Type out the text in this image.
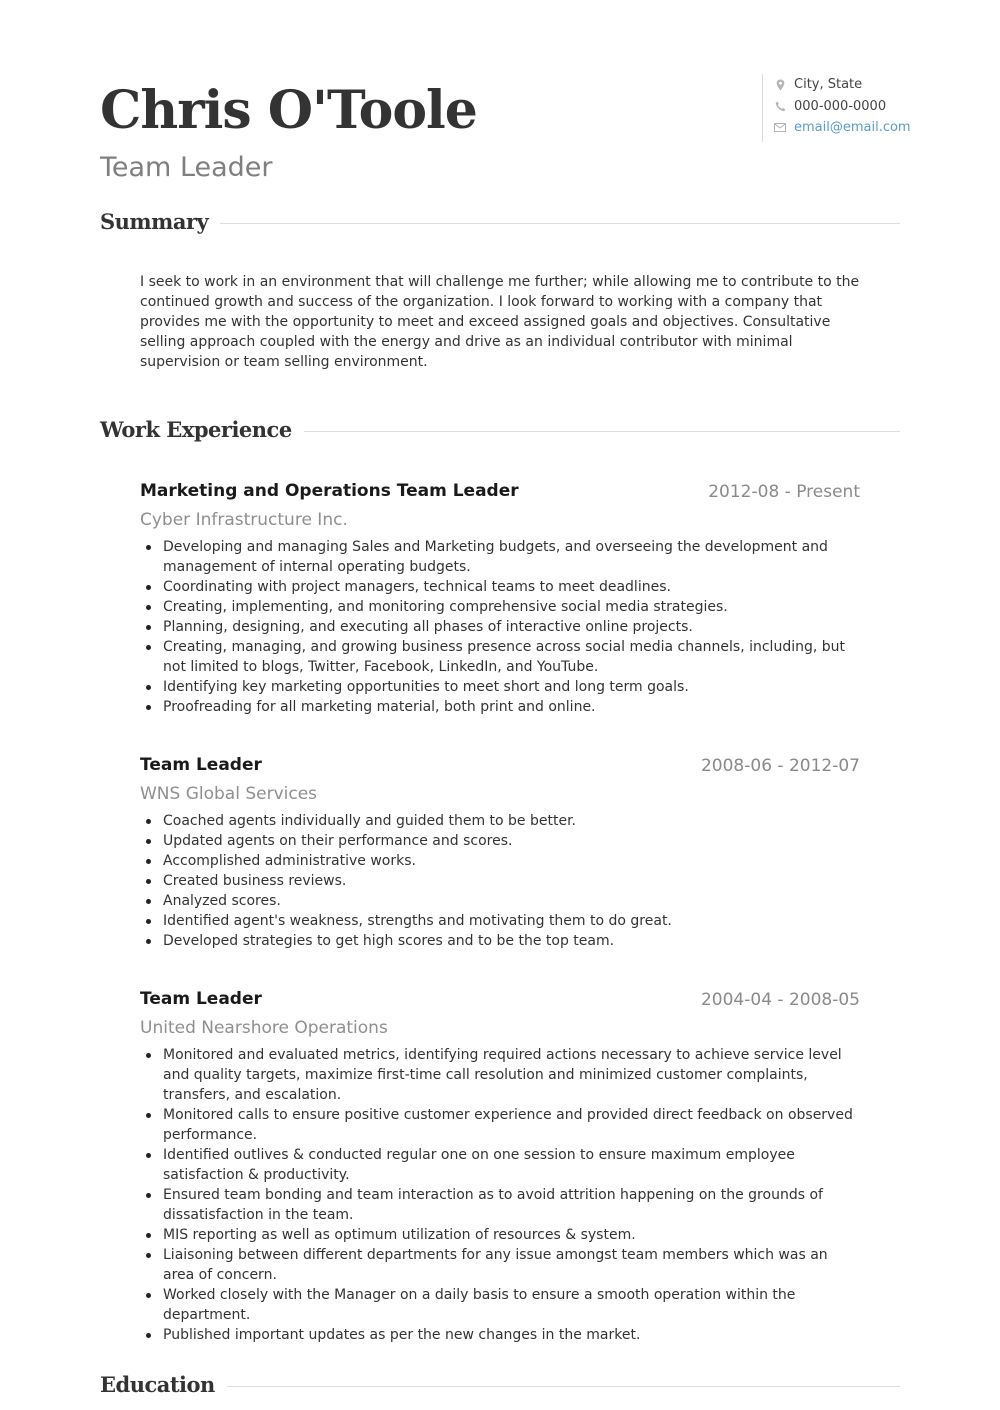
Chris O'Toole
Team Leader
City, State
000-000-0000
email@email.com
Summary

I seek to work in an environment that will challenge me further; while allowing me to contribute to the continued growth and success of the organization. I look forward to working with a company that provides me with the opportunity to meet and exceed assigned goals and objectives. Consultative selling approach coupled with the energy and drive as an individual contributor with minimal supervision or team selling environment.

Work Experience
Marketing and Operations Team Leader	2012-08 - Present
Cyber Infrastructure Inc.
Developing and managing Sales and Marketing budgets, and overseeing the development and management of internal operating budgets.
Coordinating with project managers, technical teams to meet deadlines.
Creating, implementing, and monitoring comprehensive social media strategies.
Planning, designing, and executing all phases of interactive online projects.
Creating, managing, and growing business presence across social media channels, including, but not limited to blogs, Twitter, Facebook, LinkedIn, and YouTube.
Identifying key marketing opportunities to meet short and long term goals.
Proofreading for all marketing material, both print and online.
Team Leader	2008-06 - 2012-07
WNS Global Services
Coached agents individually and guided them to be better.
Updated agents on their performance and scores.
Accomplished administrative works.
Created business reviews.
Analyzed scores.
Identified agent's weakness, strengths and motivating them to do great.
Developed strategies to get high scores and to be the top team.
Team Leader	2004-04 - 2008-05
United Nearshore Operations
Monitored and evaluated metrics, identifying required actions necessary to achieve service level and quality targets, maximize first-time call resolution and minimized customer complaints, transfers, and escalation.
Monitored calls to ensure positive customer experience and provided direct feedback on observed performance.
Identified outlives & conducted regular one on one session to ensure maximum employee satisfaction & productivity.
Ensured team bonding and team interaction as to avoid attrition happening on the grounds of dissatisfaction in the team.
MIS reporting as well as optimum utilization of resources & system.
Liaisoning between different departments for any issue amongst team members which was an area of concern.
Worked closely with the Manager on a daily basis to ensure a smooth operation within the department.
Published important updates as per the new changes in the market.
Education
